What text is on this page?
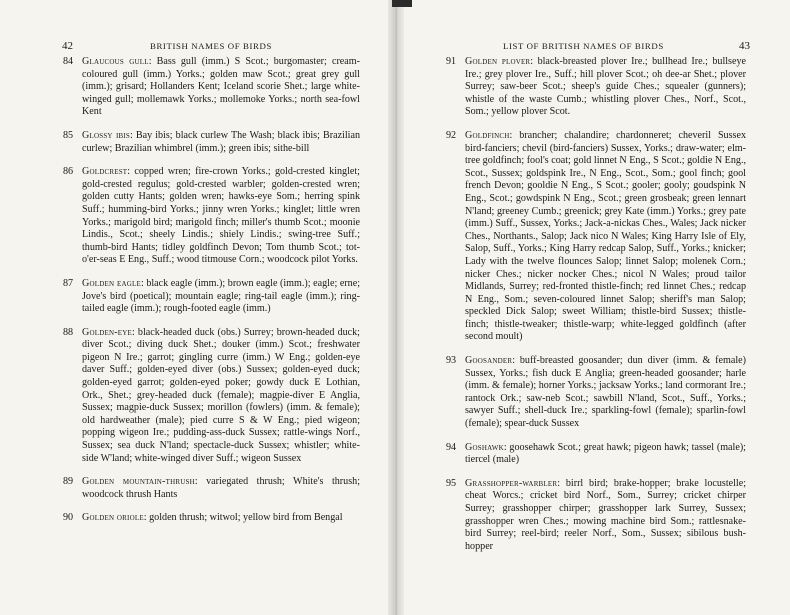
42	BRITISH NAMES OF BIRDS
84 Glaucous gull: Bass gull (imm.) S Scot.; burgomaster; cream-coloured gull (imm.) Yorks.; golden maw Scot.; great grey gull (imm.); grisard; Hollanders Kent; Iceland scorie Shet.; large white-winged gull; mollemawk Yorks.; mollemoke Yorks.; north sea-fowl Kent
85 Glossy ibis: Bay ibis; black curlew The Wash; black ibis; Brazilian curlew; Brazilian whimbrel (imm.); green ibis; sithe-bill
86 Goldcrest: copped wren; fire-crown Yorks.; gold-crested kinglet; gold-crested regulus; gold-crested warbler; golden-crested wren; golden cutty Hants; golden wren; hawks-eye Som.; herring spink Suff.; humming-bird Yorks.; jinny wren Yorks.; kinglet; little wren Yorks.; marigold bird; marigold finch; miller's thumb Scot.; moonie Lindis., Scot.; sheely Lindis.; shiely Lindis.; swing-tree Suff.; thumb-bird Hants; tidley goldfinch Devon; Tom thumb Scot.; tot-o'er-seas E Eng., Suff.; wood titmouse Corn.; woodcock pilot Yorks.
87 Golden eagle: black eagle (imm.); brown eagle (imm.); eagle; erne; Jove's bird (poetical); mountain eagle; ring-tail eagle (imm.); ring-tailed eagle (imm.); rough-footed eagle (imm.)
88 Golden-eye: black-headed duck (obs.) Surrey; brown-headed duck; diver Scot.; diving duck Shet.; douker (imm.) Scot.; freshwater pigeon N Ire.; garrot; gingling curre (imm.) W Eng.; golden-eye daver Suff.; golden-eyed diver (obs.) Sussex; golden-eyed duck; golden-eyed garrot; golden-eyed poker; gowdy duck E Lothian, Ork., Shet.; grey-headed duck (female); magpie-diver E Anglia, Sussex; magpie-duck Sussex; morillon (fowlers) (imm. & female); old hardweather (male); pied curre S & W Eng.; pied wigeon; popping wigeon Ire.; pudding-ass-duck Sussex; rattle-wings Norf., Sussex; sea duck N'land; spectacle-duck Sussex; whistler; white-side W'land; white-winged diver Suff.; wigeon Sussex
89 Golden mountain-thrush: variegated thrush; White's thrush; woodcock thrush Hants
90 Golden oriole: golden thrush; witwol; yellow bird from Bengal
LIST OF BRITISH NAMES OF BIRDS	43
91 Golden plover: black-breasted plover Ire.; bullhead Ire.; bullseye Ire.; grey plover Ire., Suff.; hill plover Scot.; oh dee-ar Shet.; plover Surrey; saw-beer Scot.; sheep's guide Ches.; squealer (gunners); whistle of the waste Cumb.; whistling plover Ches., Norf., Scot., Som.; yellow plover Scot.
92 Goldfinch: brancher; chalandire; chardonneret; cheveril Sussex bird-fanciers; chevil (bird-fanciers) Sussex, Yorks.; draw-water; elm-tree goldfinch; fool's coat; gold linnet N Eng., S Scot.; goldie N Eng., Scot., Sussex; goldspink Ire., N Eng., Scot., Som.; gool finch; gool french Devon; gooldie N Eng., S Scot.; gooler; gooly; goudspink N Eng., Scot.; gowdspink N Eng., Scot.; green grosbeak; green lennart N'land; greeney Cumb.; greenick; grey Kate (imm.) Yorks.; grey pate (imm.) Suff., Sussex, Yorks.; Jack-a-nickas Ches., Wales; Jack nicker Ches., Northants., Salop; Jack nico N Wales; King Harry Isle of Ely, Salop, Suff., Yorks.; King Harry redcap Salop, Suff., Yorks.; knicker; Lady with the twelve flounces Salop; linnet Salop; molenek Corn.; nicker Ches.; nicker nocker Ches.; nicol N Wales; proud tailor Midlands, Surrey; red-fronted thistle-finch; red linnet Ches.; redcap N Eng., Som.; seven-coloured linnet Salop; sheriff's man Salop; speckled Dick Salop; sweet William; thistle-bird Sussex; thistle-finch; thistle-tweaker; thistle-warp; white-legged goldfinch (after second moult)
93 Goosander: buff-breasted goosander; dun diver (imm. & female) Sussex, Yorks.; fish duck E Anglia; green-headed goosander; harle (imm. & female); horner Yorks.; jacksaw Yorks.; land cormorant Ire.; rantock Ork.; saw-neb Scot.; sawbill N'land, Scot., Suff., Yorks.; sawyer Suff.; shell-duck Ire.; sparkling-fowl (female); sparlin-fowl (female); spear-duck Sussex
94 Goshawk: goosehawk Scot.; great hawk; pigeon hawk; tassel (male); tiercel (male)
95 Grasshopper-warbler: birrl bird; brake-hopper; brake locustelle; cheat Worcs.; cricket bird Norf., Som., Surrey; cricket chirper Surrey; grasshopper chirper; grasshopper lark Surrey, Sussex; grasshopper wren Ches.; mowing machine bird Som.; rattlesnake-bird Surrey; reel-bird; reeler Norf., Som., Sussex; sibilous bush-hopper
